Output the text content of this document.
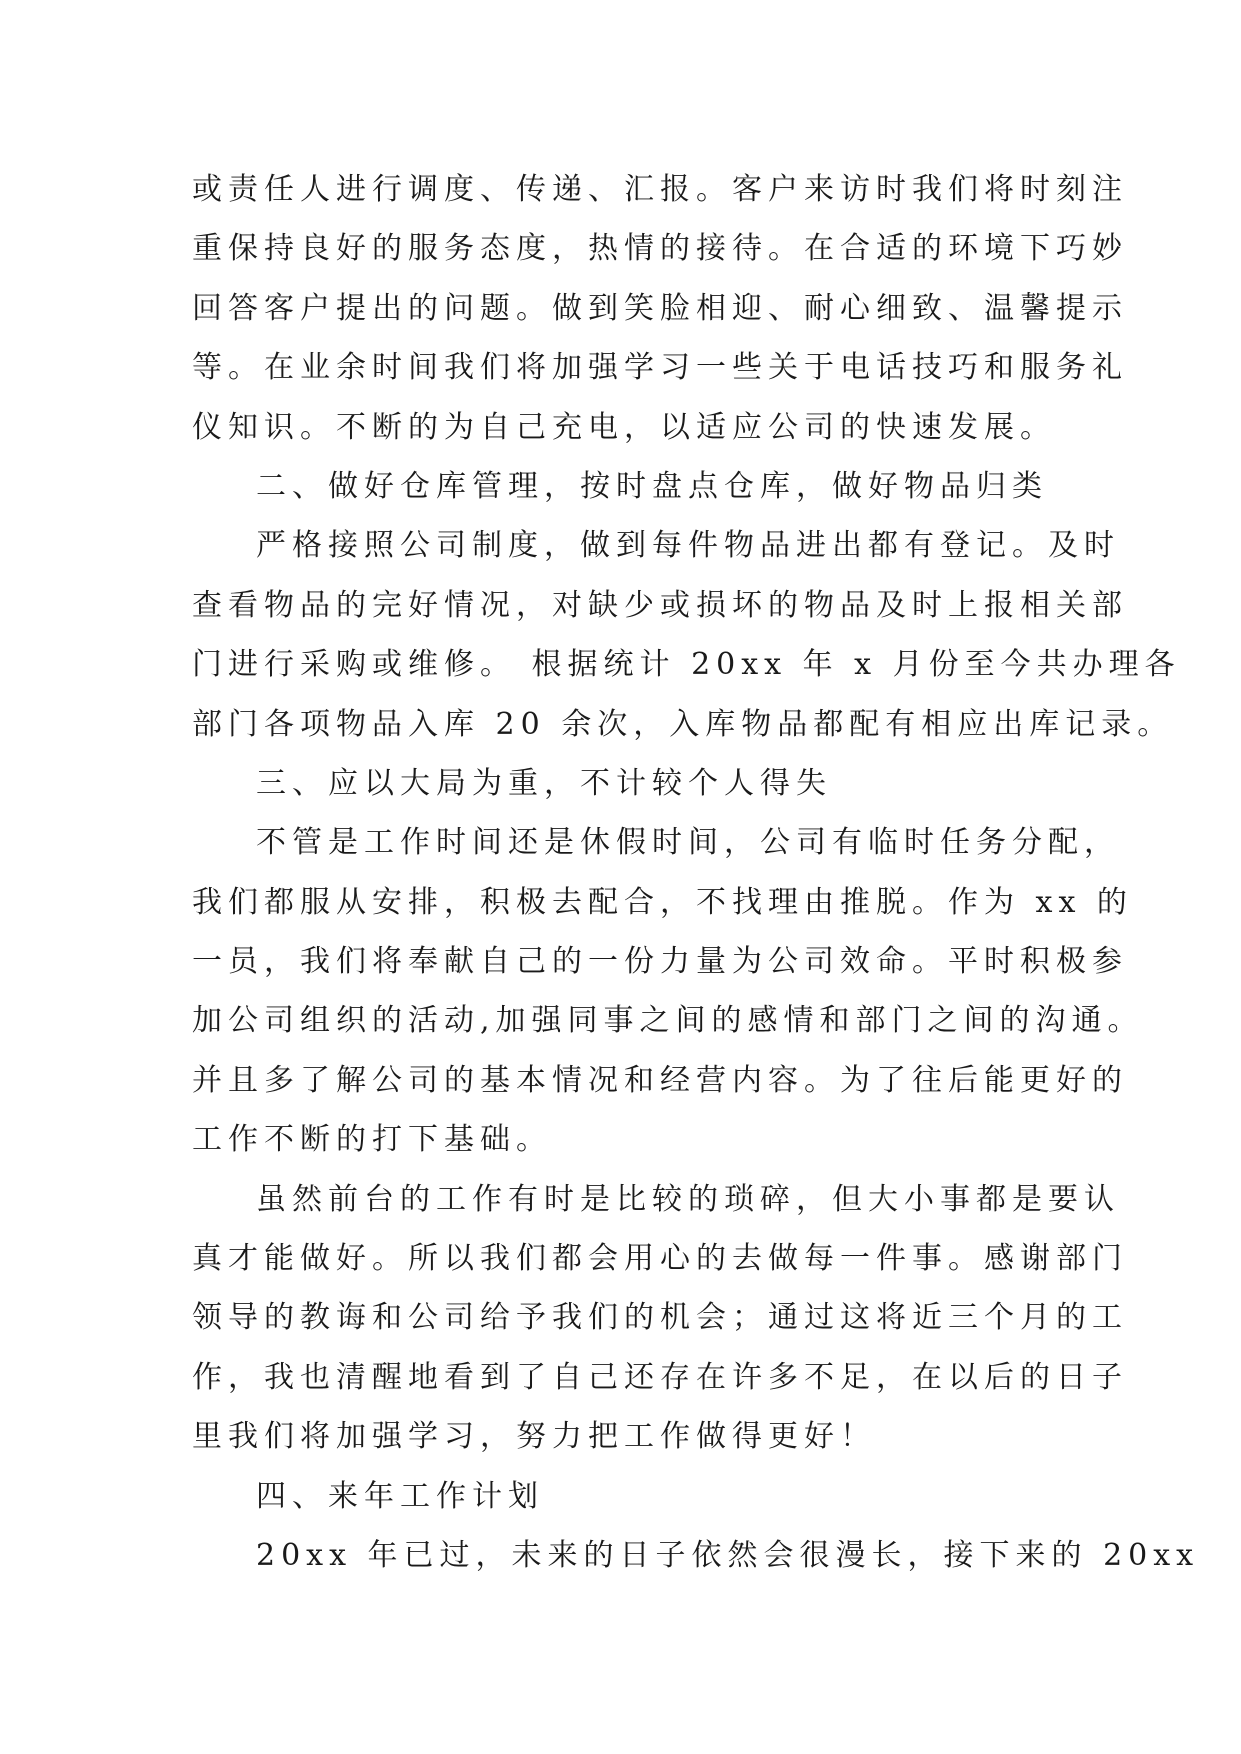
或责任人进行调度、传递、汇报。客户来访时我们将时刻注
重保持良好的服务态度，热情的接待。在合适的环境下巧妙
回答客户提出的问题。做到笑脸相迎、耐心细致、温馨提示
等。在业余时间我们将加强学习一些关于电话技巧和服务礼
仪知识。不断的为自己充电，以适应公司的快速发展。
二、做好仓库管理，按时盘点仓库，做好物品归类
严格接照公司制度，做到每件物品进出都有登记。及时
查看物品的完好情况，对缺少或损坏的物品及时上报相关部
门进行采购或维修。 根据统计 20xx 年 x 月份至今共办理各
部门各项物品入库 20 余次，入库物品都配有相应出库记录。
三、应以大局为重，不计较个人得失
不管是工作时间还是休假时间，公司有临时任务分配，
我们都服从安排，积极去配合，不找理由推脱。作为 xx 的
一员，我们将奉献自己的一份力量为公司效命。平时积极参
加公司组织的活动,加强同事之间的感情和部门之间的沟通。
并且多了解公司的基本情况和经营内容。为了往后能更好的
工作不断的打下基础。
虽然前台的工作有时是比较的琐碎，但大小事都是要认
真才能做好。所以我们都会用心的去做每一件事。感谢部门
领导的教诲和公司给予我们的机会；通过这将近三个月的工
作，我也清醒地看到了自己还存在许多不足，在以后的日子
里我们将加强学习，努力把工作做得更好！
四、来年工作计划
20xx 年已过，未来的日子依然会很漫长，接下来的 20xx
